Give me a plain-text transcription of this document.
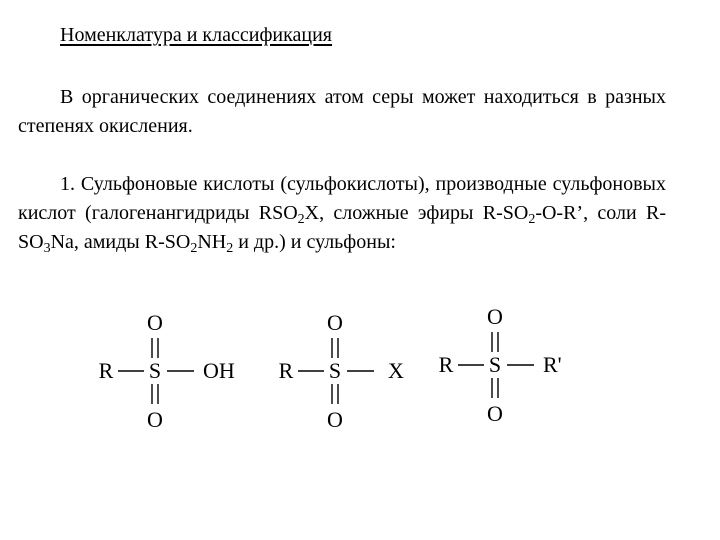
Номенклатура и классификация
В органических соединениях атом серы может находиться в разных степенях окисления.
1. Сульфоновые кислоты (сульфокислоты), производные сульфоновых кислот (галогенангидриды $RSO_2X$, сложные эфиры $R-SO_2-O-R$’, соли $R-SO_3Na$, амиды $R-SO_2NH_2$ и др.) и сульфоны:
O
R S OH
O
O
R S X
O
O
R S R'
O
